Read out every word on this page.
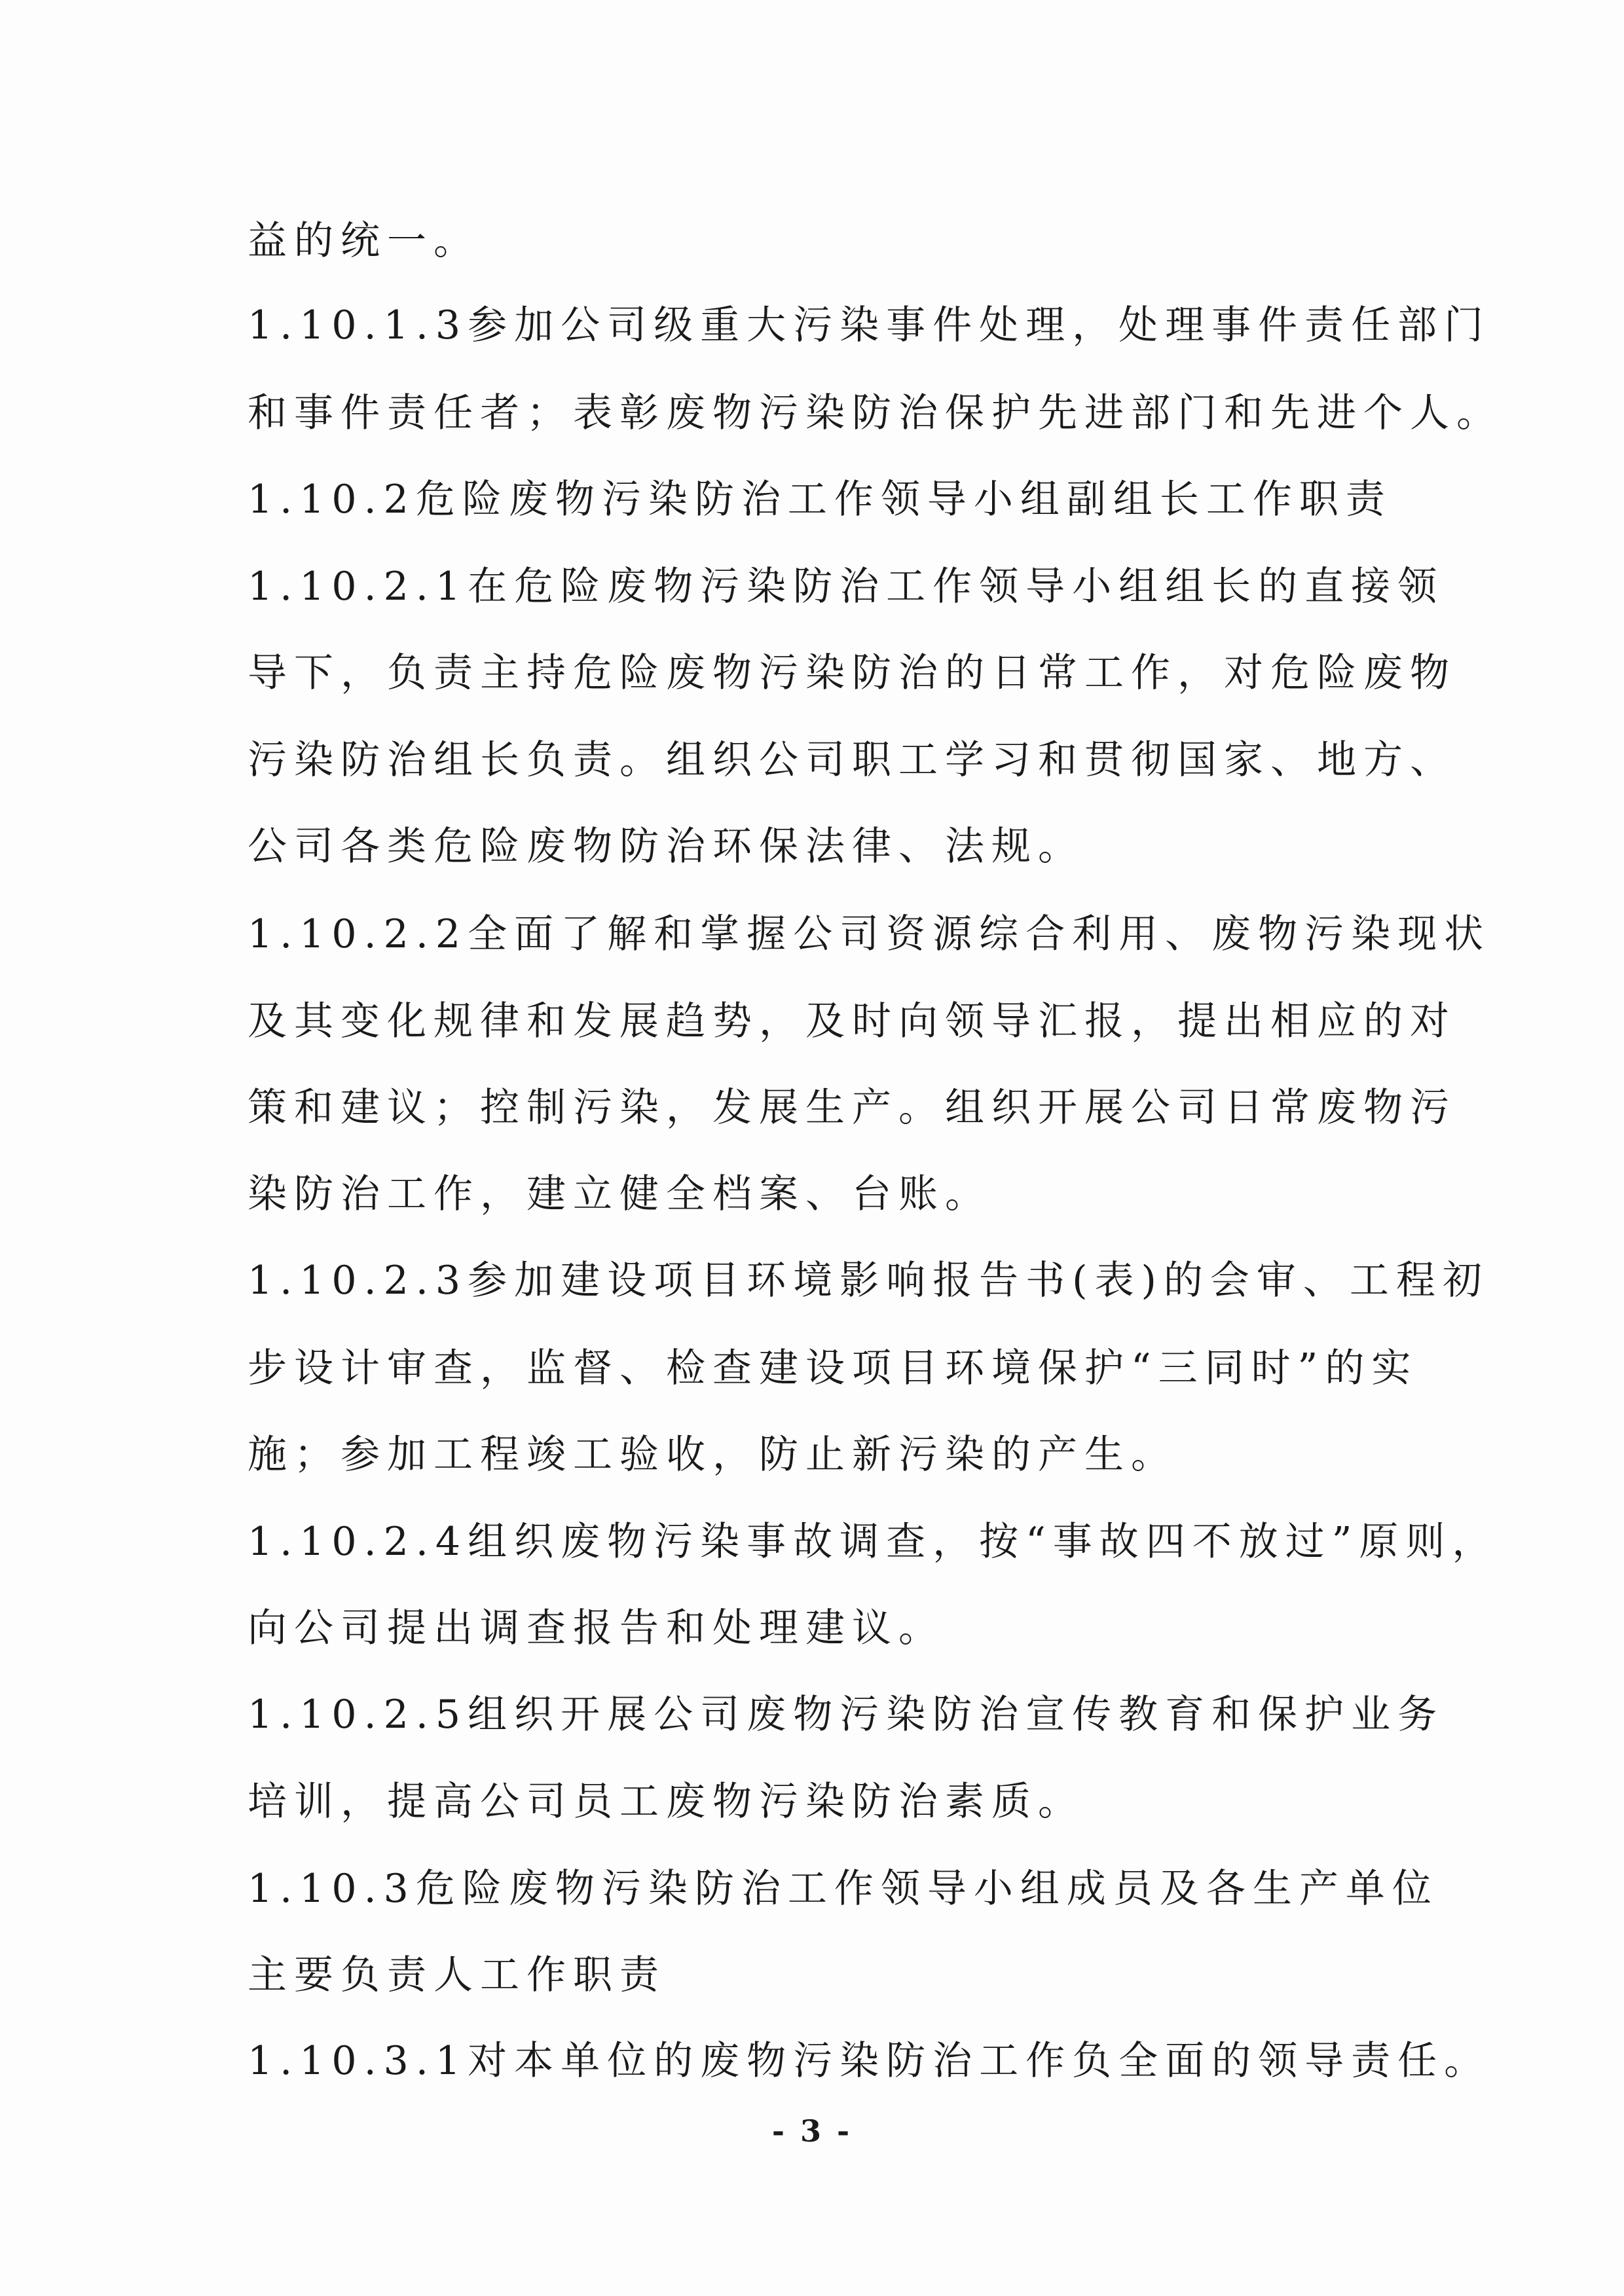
益的统一。
1.10.1.3参加公司级重大污染事件处理，处理事件责任部门
和事件责任者；表彰废物污染防治保护先进部门和先进个人。
1.10.2危险废物污染防治工作领导小组副组长工作职责
1.10.2.1在危险废物污染防治工作领导小组组长的直接领
导下，负责主持危险废物污染防治的日常工作，对危险废物
污染防治组长负责。组织公司职工学习和贯彻国家、地方、
公司各类危险废物防治环保法律、法规。
1.10.2.2全面了解和掌握公司资源综合利用、废物污染现状
及其变化规律和发展趋势，及时向领导汇报，提出相应的对
策和建议；控制污染，发展生产。组织开展公司日常废物污
染防治工作，建立健全档案、台账。
1.10.2.3参加建设项目环境影响报告书(表)的会审、工程初
步设计审查，监督、检查建设项目环境保护“三同时”的实
施；参加工程竣工验收，防止新污染的产生。
1.10.2.4组织废物污染事故调查，按“事故四不放过”原则，
向公司提出调查报告和处理建议。
1.10.2.5组织开展公司废物污染防治宣传教育和保护业务
培训，提高公司员工废物污染防治素质。
1.10.3危险废物污染防治工作领导小组成员及各生产单位
主要负责人工作职责
1.10.3.1对本单位的废物污染防治工作负全面的领导责任。
- 3 -
